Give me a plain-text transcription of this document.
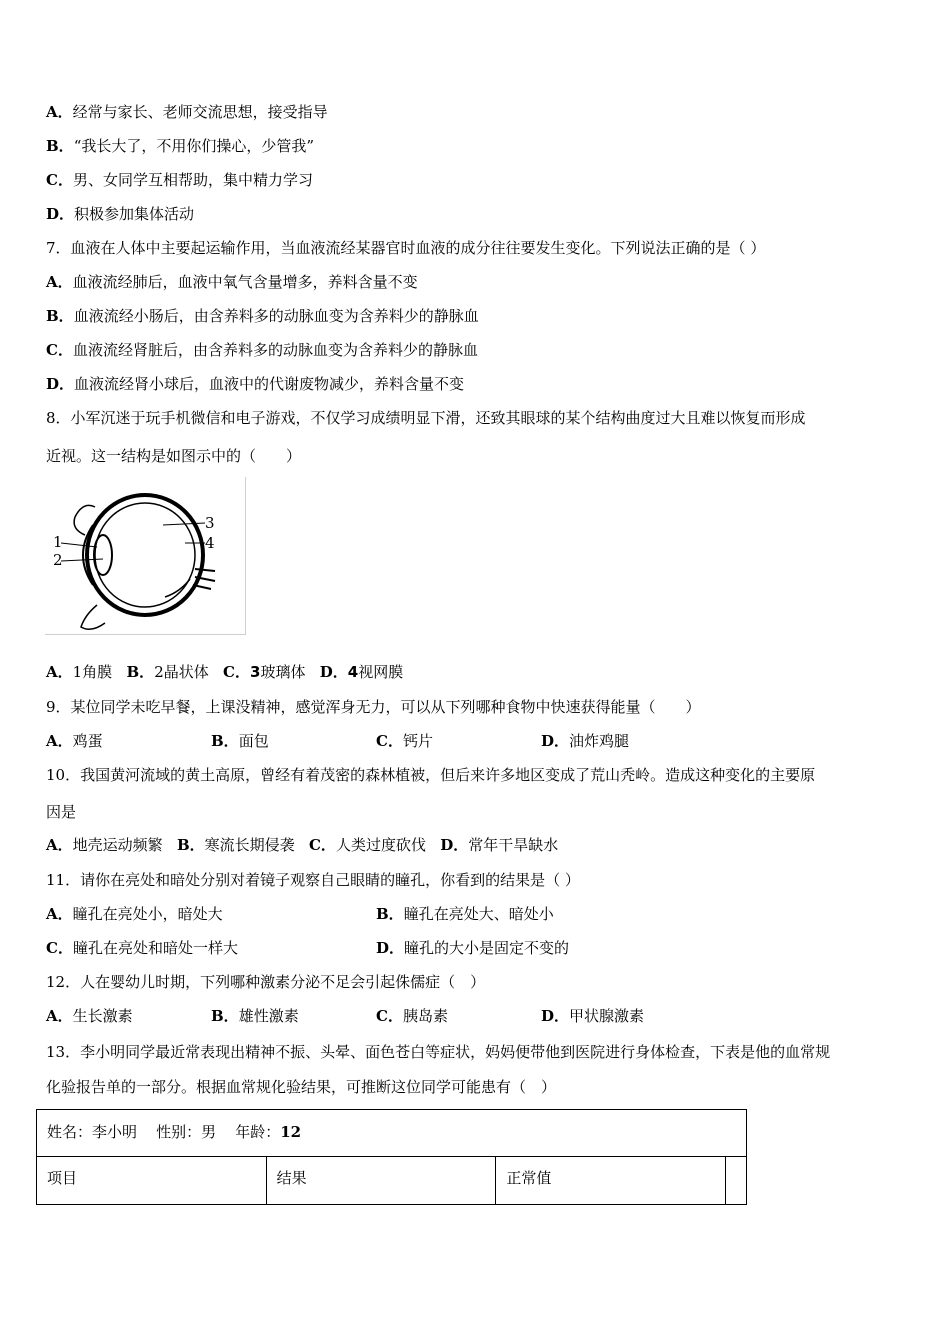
A．经常与家长、老师交流思想，接受指导
B．“我长大了，不用你们操心，少管我”
C．男、女同学互相帮助，集中精力学习
D．积极参加集体活动
7．血液在人体中主要起运输作用，当血液流经某器官时血液的成分往往要发生变化。下列说法正确的是（ ）
A．血液流经肺后，血液中氧气含量增多，养料含量不变
B．血液流经小肠后，由含养料多的动脉血变为含养料少的静脉血
C．血液流经肾脏后，由含养料多的动脉血变为含养料少的静脉血
D．血液流经肾小球后，血液中的代谢废物减少，养料含量不变
8．小军沉迷于玩手机微信和电子游戏，不仅学习成绩明显下滑，还致其眼球的某个结构曲度过大且难以恢复而形成
近视。这一结构是如图示中的（　　）
1
2
3
4
A．1角膜 B．2晶状体 C．3玻璃体 D．4视网膜
9．某位同学未吃早餐，上课没精神，感觉浑身无力，可以从下列哪种食物中快速获得能量（　　）
A．鸡蛋	B．面包	C．钙片	D．油炸鸡腿
10．我国黄河流域的黄土高原，曾经有着茂密的森林植被，但后来许多地区变成了荒山秃岭。造成这种变化的主要原
因是
A．地壳运动频繁 B．寒流长期侵袭 C．人类过度砍伐 D．常年干旱缺水
11．请你在亮处和暗处分别对着镜子观察自己眼睛的瞳孔，你看到的结果是（ ）
A．瞳孔在亮处小，暗处大	B．瞳孔在亮处大、暗处小
C．瞳孔在亮处和暗处一样大	D．瞳孔的大小是固定不变的
12．人在婴幼儿时期，下列哪种激素分泌不足会引起侏儒症（　）
A．生长激素	B．雄性激素	C．胰岛素	D．甲状腺激素
13．李小明同学最近常表现出精神不振、头晕、面色苍白等症状，妈妈便带他到医院进行身体检查，下表是他的血常规
化验报告单的一部分。根据血常规化验结果，可推断这位同学可能患有（　）
姓名：李小明 性别：男 年龄：12
项目	结果	正常值	
